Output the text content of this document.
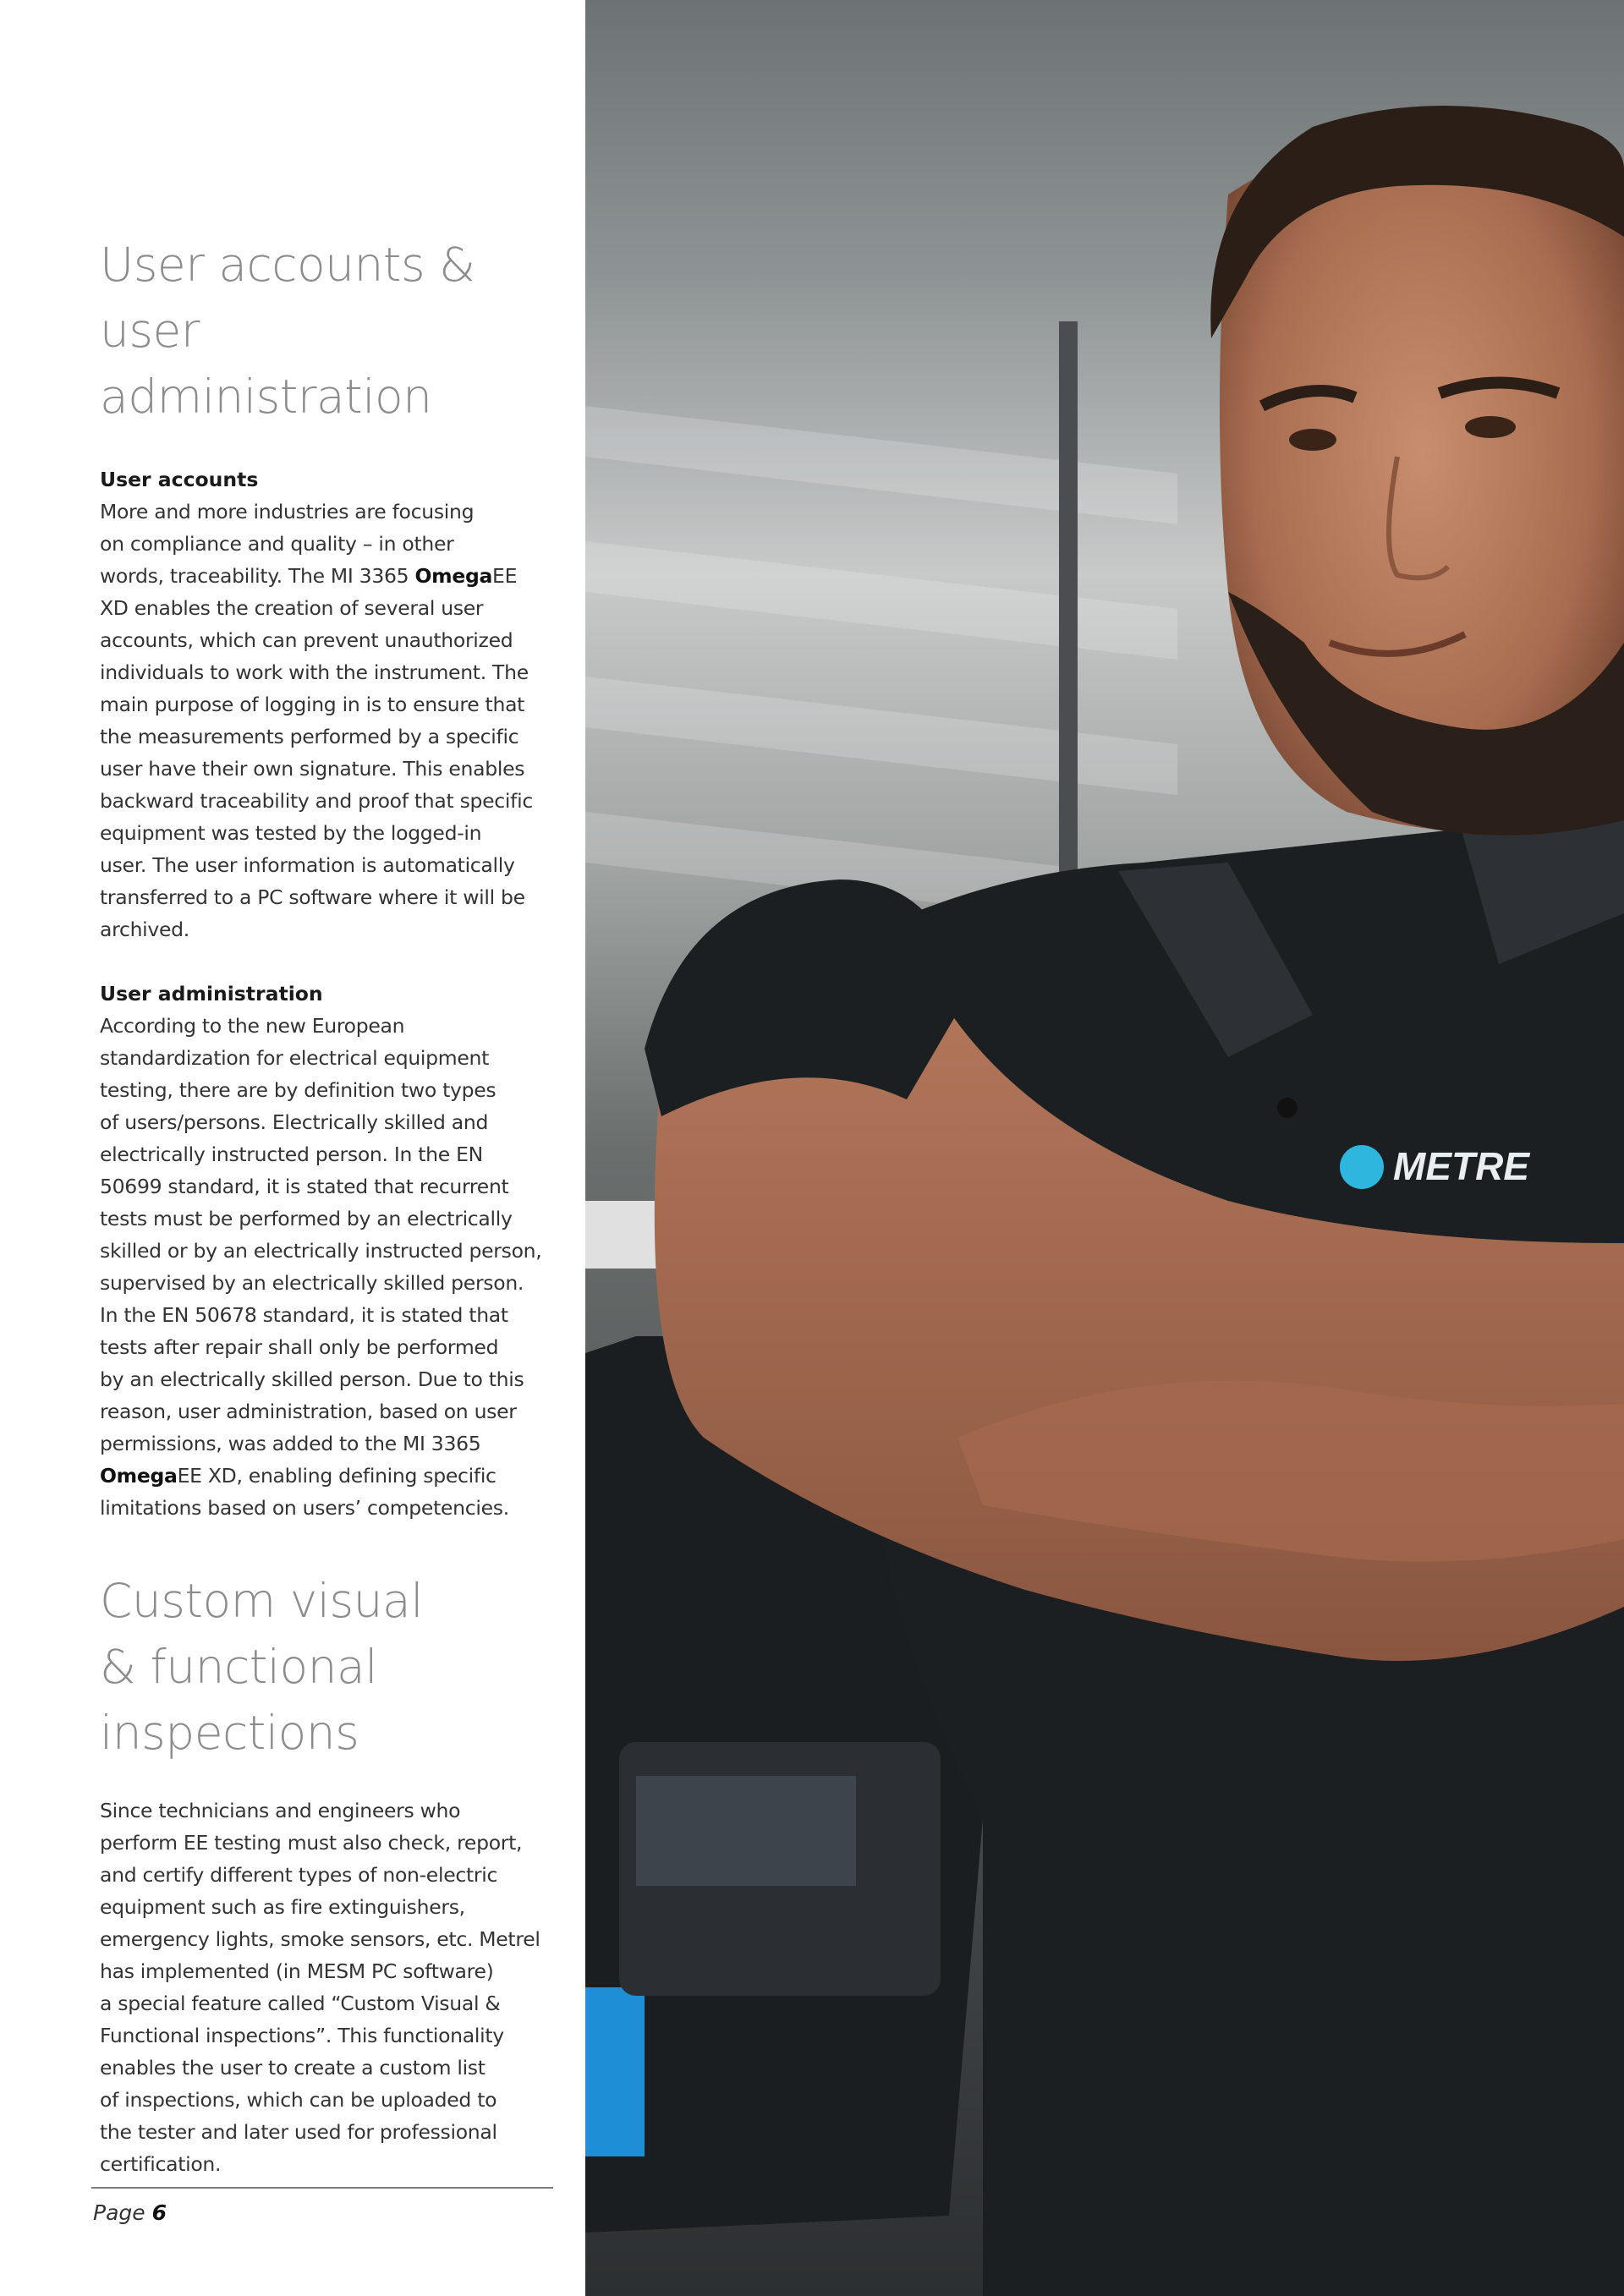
User accounts & user
administration
User accounts

More and more industries are focusing

on compliance and quality – in other

words, traceability. The MI 3365 OmegaEE

XD enables the creation of several user

accounts, which can prevent unauthorized

individuals to work with the instrument. The

main purpose of logging in is to ensure that

the measurements performed by a specific

user have their own signature. This enables

backward traceability and proof that specific

equipment was tested by the logged-in

user. The user information is automatically

transferred to a PC software where it will be

archived.

User administration

According to the new European

standardization for electrical equipment

testing, there are by definition two types

of users/persons. Electrically skilled and

electrically instructed person. In the EN

50699 standard, it is stated that recurrent

tests must be performed by an electrically

skilled or by an electrically instructed person,

supervised by an electrically skilled person.

In the EN 50678 standard, it is stated that

tests after repair shall only be performed

by an electrically skilled person. Due to this

reason, user administration, based on user

permissions, was added to the MI 3365

OmegaEE XD, enabling defining specific

limitations based on users’ competencies.

Custom visual
& functional
inspections

Since technicians and engineers who

perform EE testing must also check, report,

and certify different types of non-electric

equipment such as fire extinguishers,

emergency lights, smoke sensors, etc. Metrel

has implemented (in MESM PC software)

a special feature called “Custom Visual &

Functional inspections”. This functionality

enables the user to create a custom list

of inspections, which can be uploaded to

the tester and later used for professional

certification.

Page 6
METRE
